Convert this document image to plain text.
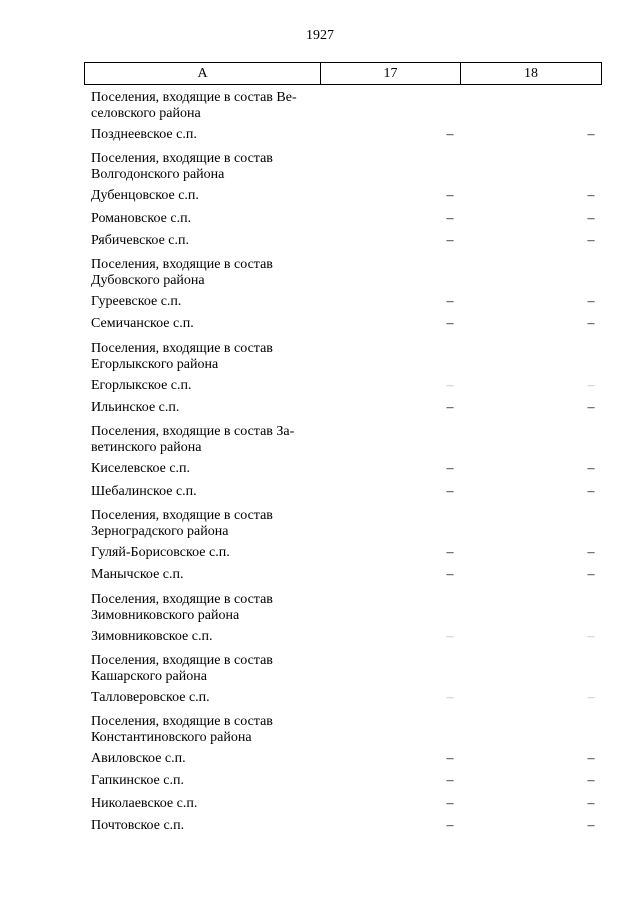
1927
А	17	18
Поселения, входящие в состав Ве-
селовского района
Позднеевское с.п.	–	–
Поселения, входящие в состав
Волгодонского района
Дубенцовское с.п.	–	–
Романовское с.п.	–	–
Рябичевское с.п.	–	–
Поселения, входящие в состав
Дубовского района
Гуреевское с.п.	–	–
Семичанское с.п.	–	–
Поселения, входящие в состав
Егорлыкского района
Егорлыкское с.п.	–	–
Ильинское с.п.	–	–
Поселения, входящие в состав За-
ветинского района
Киселевское с.п.	–	–
Шебалинское с.п.	–	–
Поселения, входящие в состав
Зерноградского района
Гуляй-Борисовское с.п.	–	–
Манычское с.п.	–	–
Поселения, входящие в состав
Зимовниковского района
Зимовниковское с.п.	–	–
Поселения, входящие в состав
Кашарского района
Талловеровское с.п.	–	–
Поселения, входящие в состав
Константиновского района
Авиловское с.п.	–	–
Гапкинское с.п.	–	–
Николаевское с.п.	–	–
Почтовское с.п.	–	–
